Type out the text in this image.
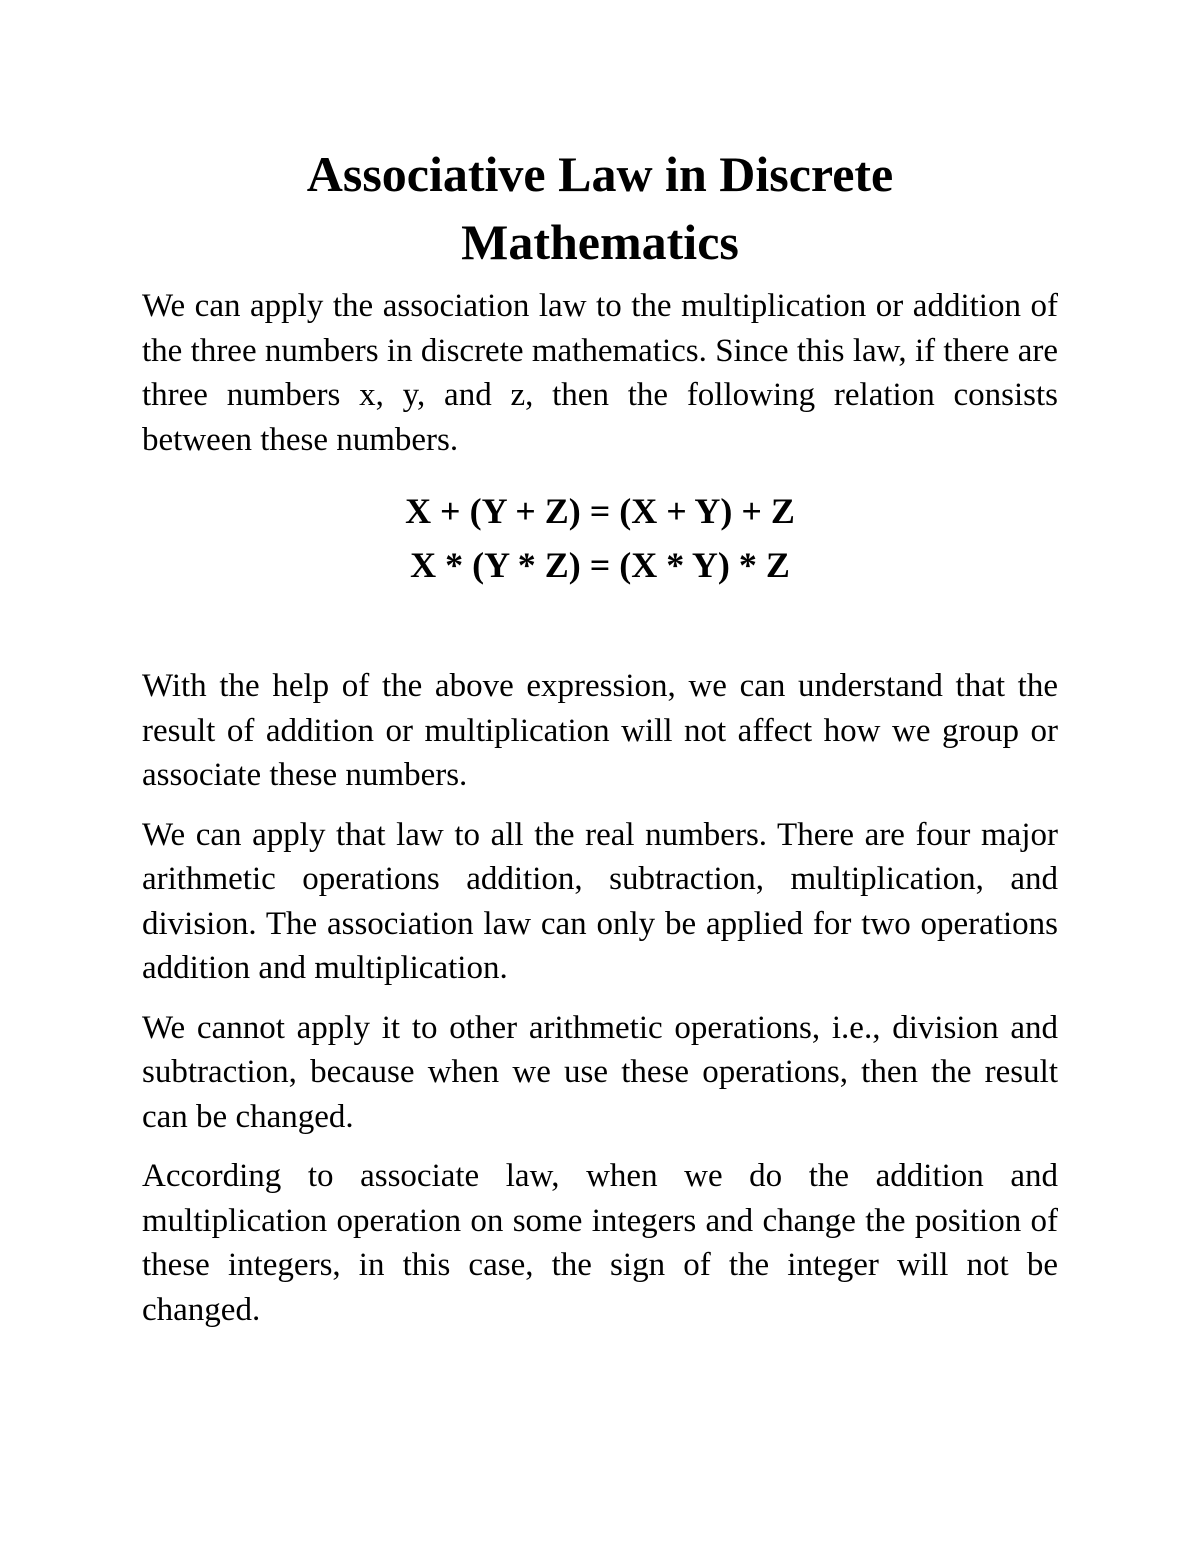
Associative Law in Discrete
Mathematics

We can apply the association law to the multiplication or addition of the three numbers in discrete mathematics. Since this law, if there are three numbers x, y, and z, then the following relation consists between these numbers.

X + (Y + Z) = (X + Y) + Z
X * (Y * Z) = (X * Y) * Z

With the help of the above expression, we can understand that the result of addition or multiplication will not affect how we group or associate these numbers.

We can apply that law to all the real numbers. There are four major arithmetic operations addition, subtraction, multiplication, and division. The association law can only be applied for two operations addition and multiplication.

We cannot apply it to other arithmetic operations, i.e., division and subtraction, because when we use these operations, then the result can be changed.

According to associate law, when we do the addition and multiplication operation on some integers and change the position of these integers, in this case, the sign of the integer will not be changed.
